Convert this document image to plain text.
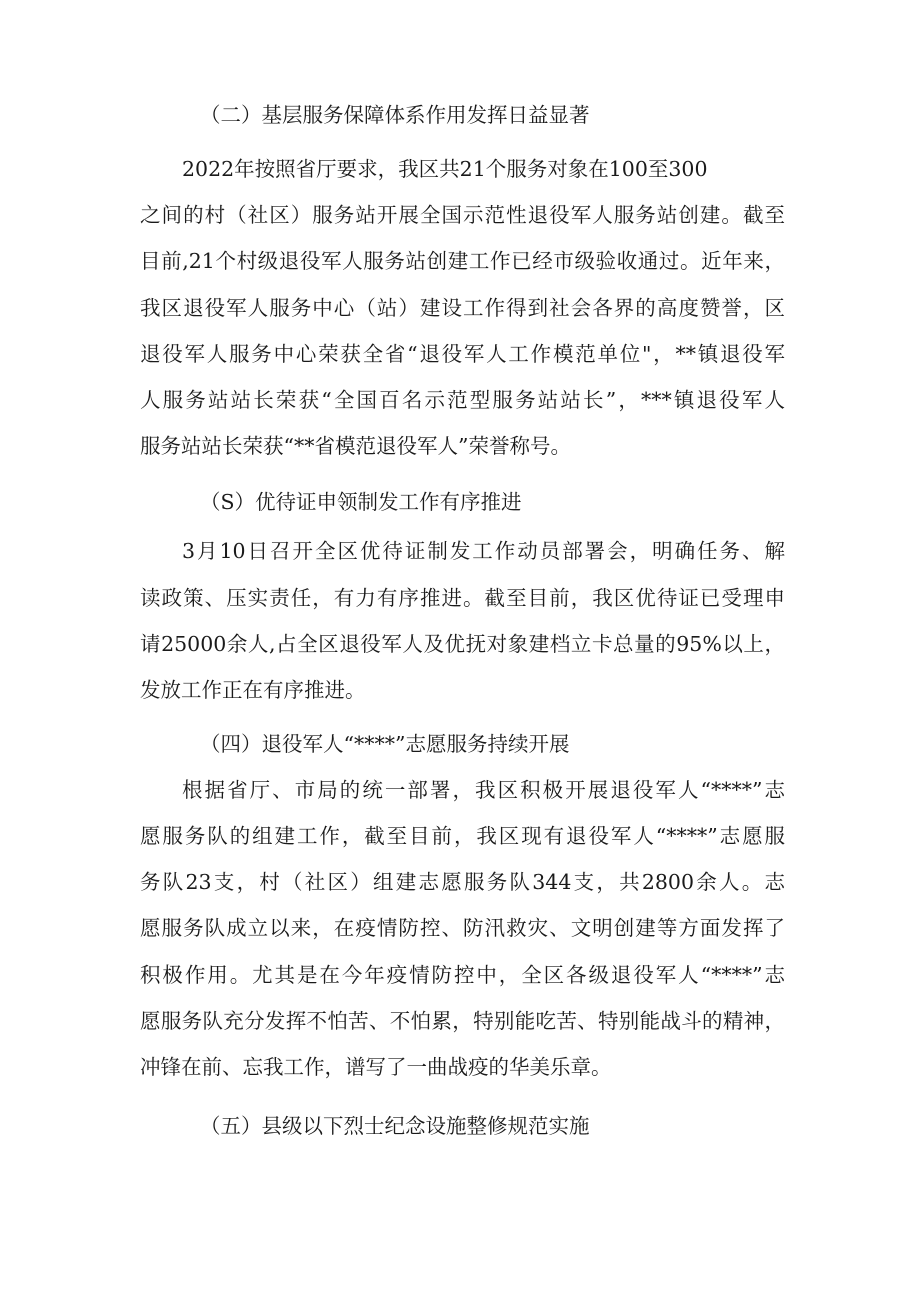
（二）基层服务保障体系作用发挥日益显著
2022年按照省厅要求，我区共21个服务对象在100至300
之间的村（社区）服务站开展全国示范性退役军人服务站创建。截至
目前,21个村级退役军人服务站创建工作已经市级验收通过。近年来，
我区退役军人服务中心（站）建设工作得到社会各界的高度赞誉，区
退役军人服务中心荣获全省“退役军人工作模范单位"，**镇退役军
人服务站站长荣获“全国百名示范型服务站站长”，***镇退役军人
服务站站长荣获“**省模范退役军人”荣誉称号。
（S）优待证申领制发工作有序推进
3月10日召开全区优待证制发工作动员部署会，明确任务、解
读政策、压实责任，有力有序推进。截至目前，我区优待证已受理申
请25000余人,占全区退役军人及优抚对象建档立卡总量的95%以上，
发放工作正在有序推进。
（四）退役军人“****”志愿服务持续开展
根据省厅、市局的统一部署，我区积极开展退役军人“****”志
愿服务队的组建工作，截至目前，我区现有退役军人“****”志愿服
务队23支，村（社区）组建志愿服务队344支，共2800余人。志
愿服务队成立以来，在疫情防控、防汛救灾、文明创建等方面发挥了
积极作用。尤其是在今年疫情防控中，全区各级退役军人“****”志
愿服务队充分发挥不怕苦、不怕累，特别能吃苦、特别能战斗的精神，
冲锋在前、忘我工作，谱写了一曲战疫的华美乐章。
（五）县级以下烈士纪念设施整修规范实施
